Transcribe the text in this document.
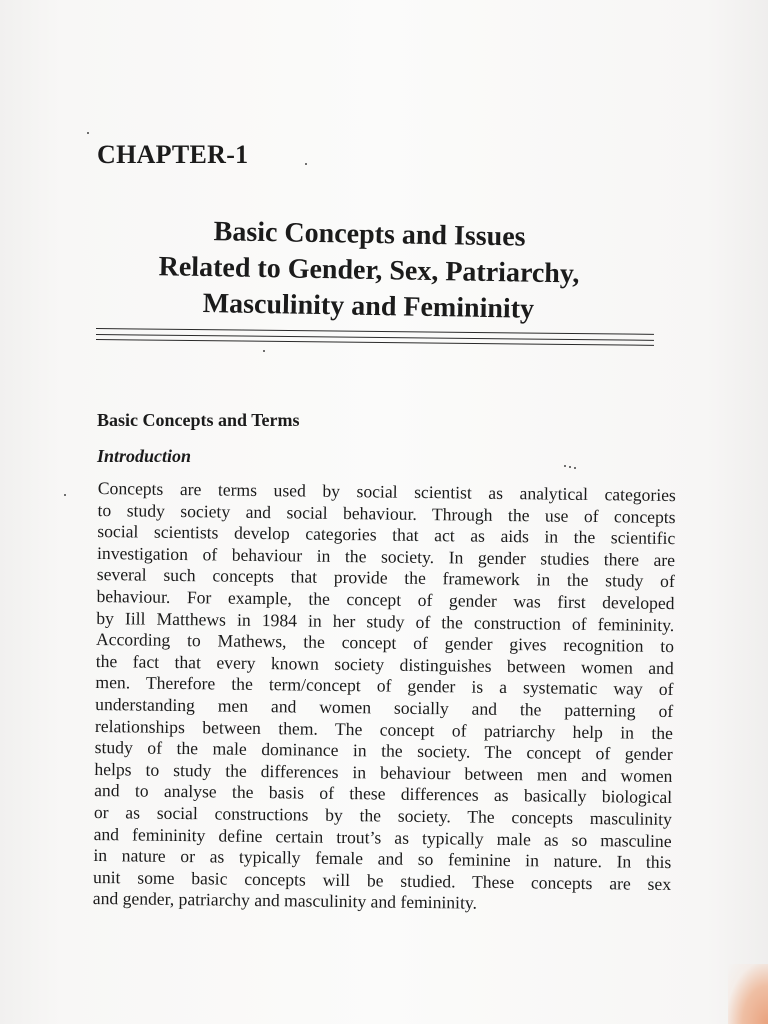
CHAPTER-1
Basic Concepts and Issues
Related to Gender, Sex, Patriarchy,
Masculinity and Femininity
Basic Concepts and Terms
Introduction

Concepts are terms used by social scientist as analytical categories
to study society and social behaviour. Through the use of concepts
social scientists develop categories that act as aids in the scientific
investigation of behaviour in the society. In gender studies there are
several such concepts that provide the framework in the study of
behaviour. For example, the concept of gender was first developed
by Iill Matthews in 1984 in her study of the construction of femininity.
According to Mathews, the concept of gender gives recognition to
the fact that every known society distinguishes between women and
men. Therefore the term/concept of gender is a systematic way of
understanding men and women socially and the patterning of
relationships between them. The concept of patriarchy help in the
study of the male dominance in the society. The concept of gender
helps to study the differences in behaviour between men and women
and to analyse the basis of these differences as basically biological
or as social constructions by the society. The concepts masculinity
and femininity define certain trout’s as typically male as so masculine
in nature or as typically female and so feminine in nature. In this
unit some basic concepts will be studied. These concepts are sex
and gender, patriarchy and masculinity and femininity.
